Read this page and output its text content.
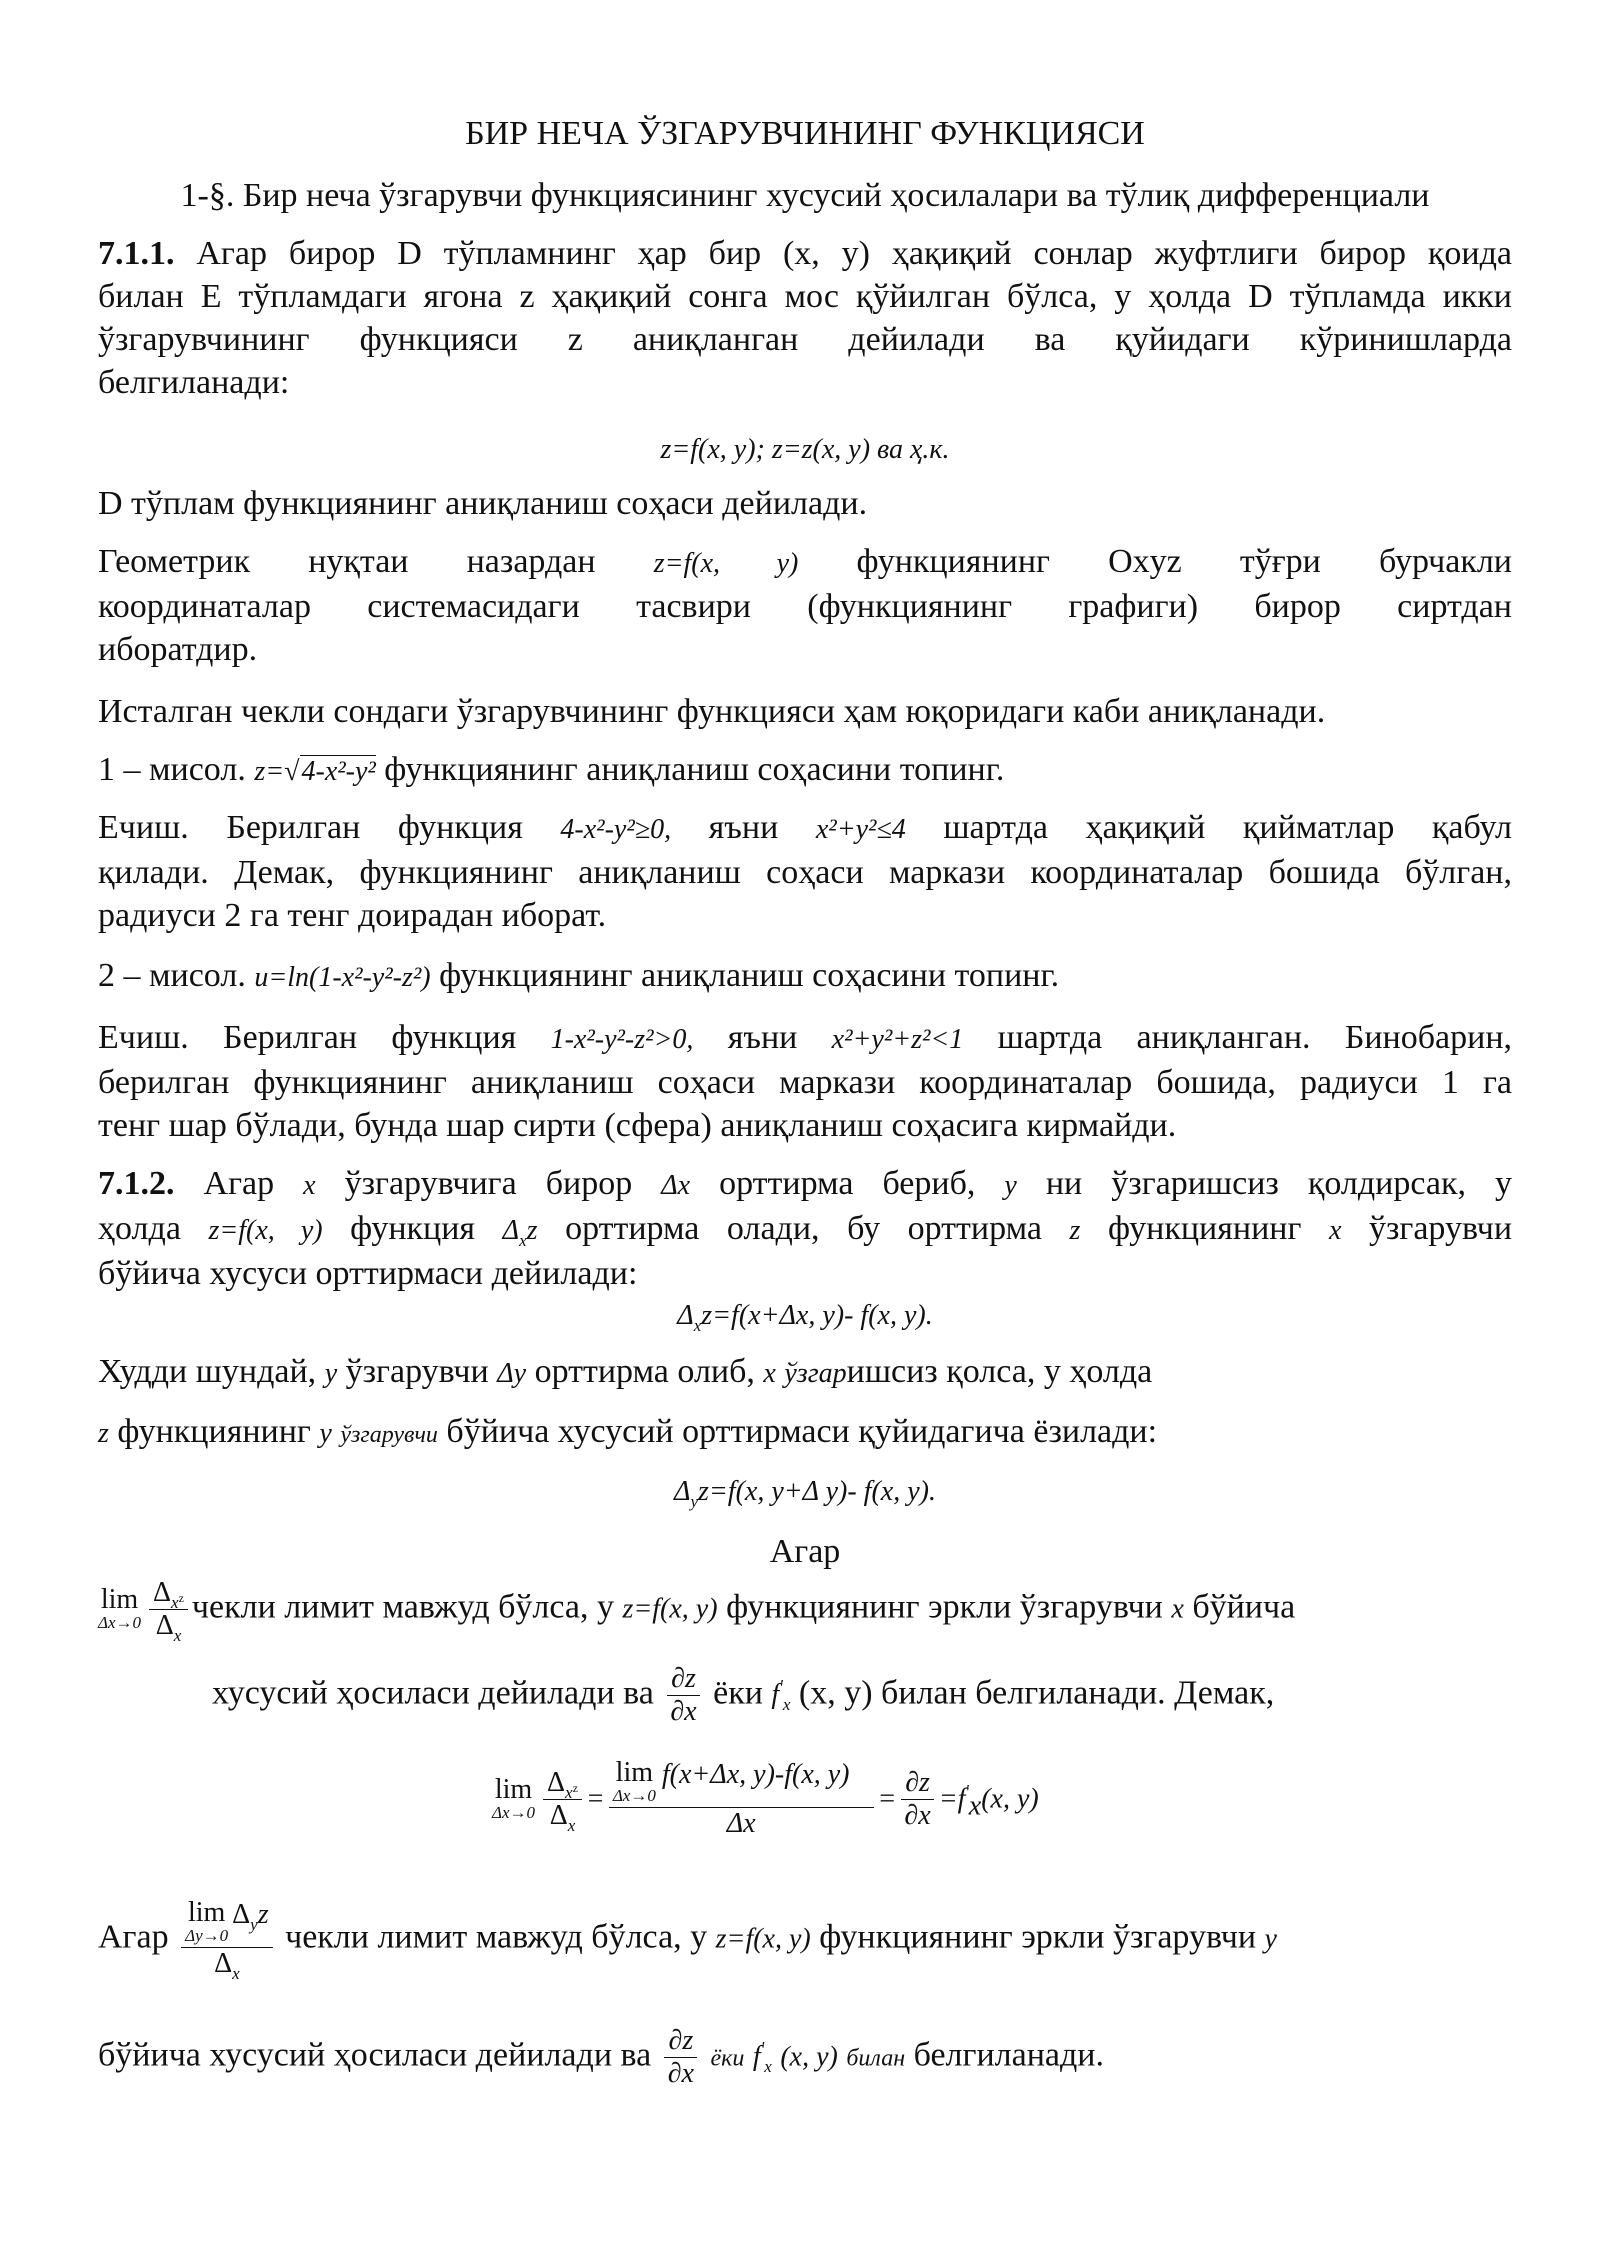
БИР НЕЧА ЎЗГАРУВЧИНИНГ ФУНКЦИЯСИ
1-§. Бир неча ўзгарувчи функциясининг хусусий ҳосилалари ва тўлиқ дифференциали

7.1.1. Агар бирор D тўпламнинг ҳар бир (x, y) ҳақиқий сонлар жуфтлиги бирор қоида

билан E тўпламдаги ягона z ҳақиқий сонга мос қўйилган бўлса, у ҳолда D тўпламда икки

ўзгарувчининг функцияси z аниқланган дейилади ва қуйидаги кўринишларда

белгиланади:

z=f(x, y); z=z(x, y) ва ҳ.к.
D тўплам функциянинг аниқланиш соҳаси дейилади.

Геометрик нуқтаи назардан z=f(x, y) функциянинг Oxyz тўғри бурчакли

координаталар системасидаги тасвири (функциянинг графиги) бирор сиртдан

иборатдир.

Исталган чекли сондаги ўзгарувчининг функцияси ҳам юқоридаги каби аниқланади.
1 – мисол. z=√4-x²-y² функциянинг аниқланиш соҳасини топинг.

Ечиш. Берилган функция 4-x²-y²≥0, яъни x²+y²≤4 шартда ҳақиқий қийматлар қабул

қилади. Демак, функциянинг аниқланиш соҳаси маркази координаталар бошида бўлган,

радиуси 2 га тенг доирадан иборат.

2 – мисол. u=ln(1-x²-y²-z²) функциянинг аниқланиш соҳасини топинг.

Ечиш. Берилган функция 1-x²-y²-z²>0, яъни x²+y²+z²<1 шартда аниқланган. Бинобарин,

берилган функциянинг аниқланиш соҳаси маркази координаталар бошида, радиуси 1 га

тенг шар бўлади, бунда шар сирти (сфера) аниқланиш соҳасига кирмайди.

7.1.2. Агар x ўзгарувчига бирор Δx орттирма бериб, y ни ўзгаришсиз қолдирсак, у

ҳолда z=f(x, y) функция $\Delta_xz$ орттирма олади, бу орттирма z функциянинг x ўзгарувчи

бўйича хусуси орттирмаси дейилади:

$\Delta_xz=f(x+\Delta x$, y)- f(x, y).
Худди шундай, y ўзгарувчи Δy орттирма олиб, x ўзгаришсиз қолса, у ҳолда
z функциянинг y ўзгарувчи бўйича хусусий орттирмаси қуйидагича ёзилади:
$\Delta_yz=f(x$, y+Δ y)- f(x, y).
Агар
lim
$\Delta x\to 0 \frac{\Delta_{x^z}}{\Delta_x}$ чекли лимит мавжуд бўлса, у z=f(x, y) функциянинг эркли ўзгарувчи x бўйича
хусусий ҳосиласи дейилади ва $\frac{\partial z}{\partial x}$ ёки $f'_x$ (x, y) билан белгиланади. Демак,
lim
$\Delta x\to 0 \frac{\Delta_{x^z}}{\Delta_x} = \lim$
Δx→0
f(x+Δx, y)-f(x, y)
$\Delta x = \frac{\partial z}{\partial x} =f'_x(x$, y)
Агар lim
Δy→0
$\Delta_yz$
$\Delta_x$ чекли лимит мавжуд бўлса, у z=f(x, y) функциянинг эркли ўзгарувчи y
бўйича хусусий ҳосиласи дейилади ва $\frac{\partial z}{\partial x}$ ёки $f'_x$ (x, y) билан белгиланади.
